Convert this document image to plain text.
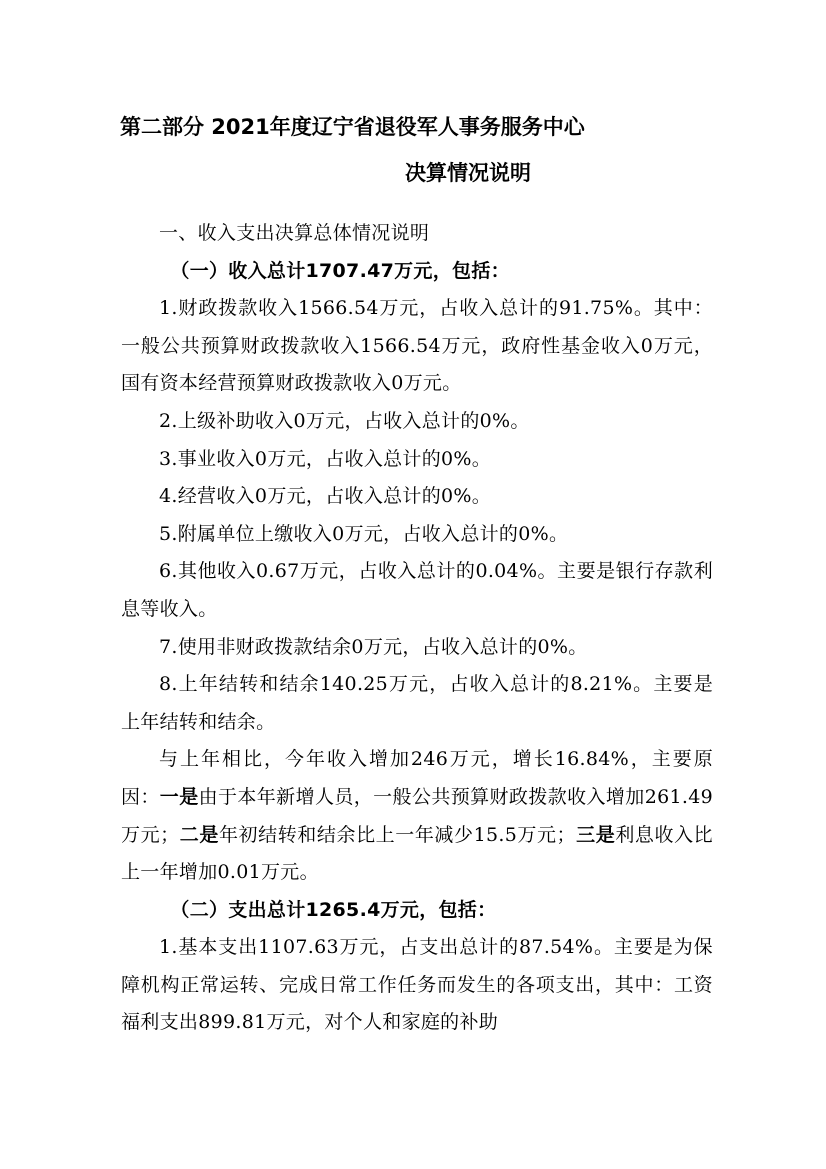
第二部分 2021年度辽宁省退役军人事务服务中心
决算情况说明

一、收入支出决算总体情况说明

（一）收入总计1707.47万元，包括：

1.财政拨款收入1566.54万元，占收入总计的91.75%。其中：一般公共预算财政拨款收入1566.54万元，政府性基金收入0万元，国有资本经营预算财政拨款收入0万元。

2.上级补助收入0万元，占收入总计的0%。

3.事业收入0万元，占收入总计的0%。

4.经营收入0万元，占收入总计的0%。

5.附属单位上缴收入0万元，占收入总计的0%。

6.其他收入0.67万元，占收入总计的0.04%。主要是银行存款利息等收入。

7.使用非财政拨款结余0万元，占收入总计的0%。

8.上年结转和结余140.25万元，占收入总计的8.21%。主要是上年结转和结余。

与上年相比，今年收入增加246万元，增长16.84%，主要原因：一是由于本年新增人员，一般公共预算财政拨款收入增加261.49万元；二是年初结转和结余比上一年减少15.5万元；三是利息收入比上一年增加0.01万元。

（二）支出总计1265.4万元，包括：

1.基本支出1107.63万元，占支出总计的87.54%。主要是为保障机构正常运转、完成日常工作任务而发生的各项支出，其中：工资福利支出899.81万元，对个人和家庭的补助
